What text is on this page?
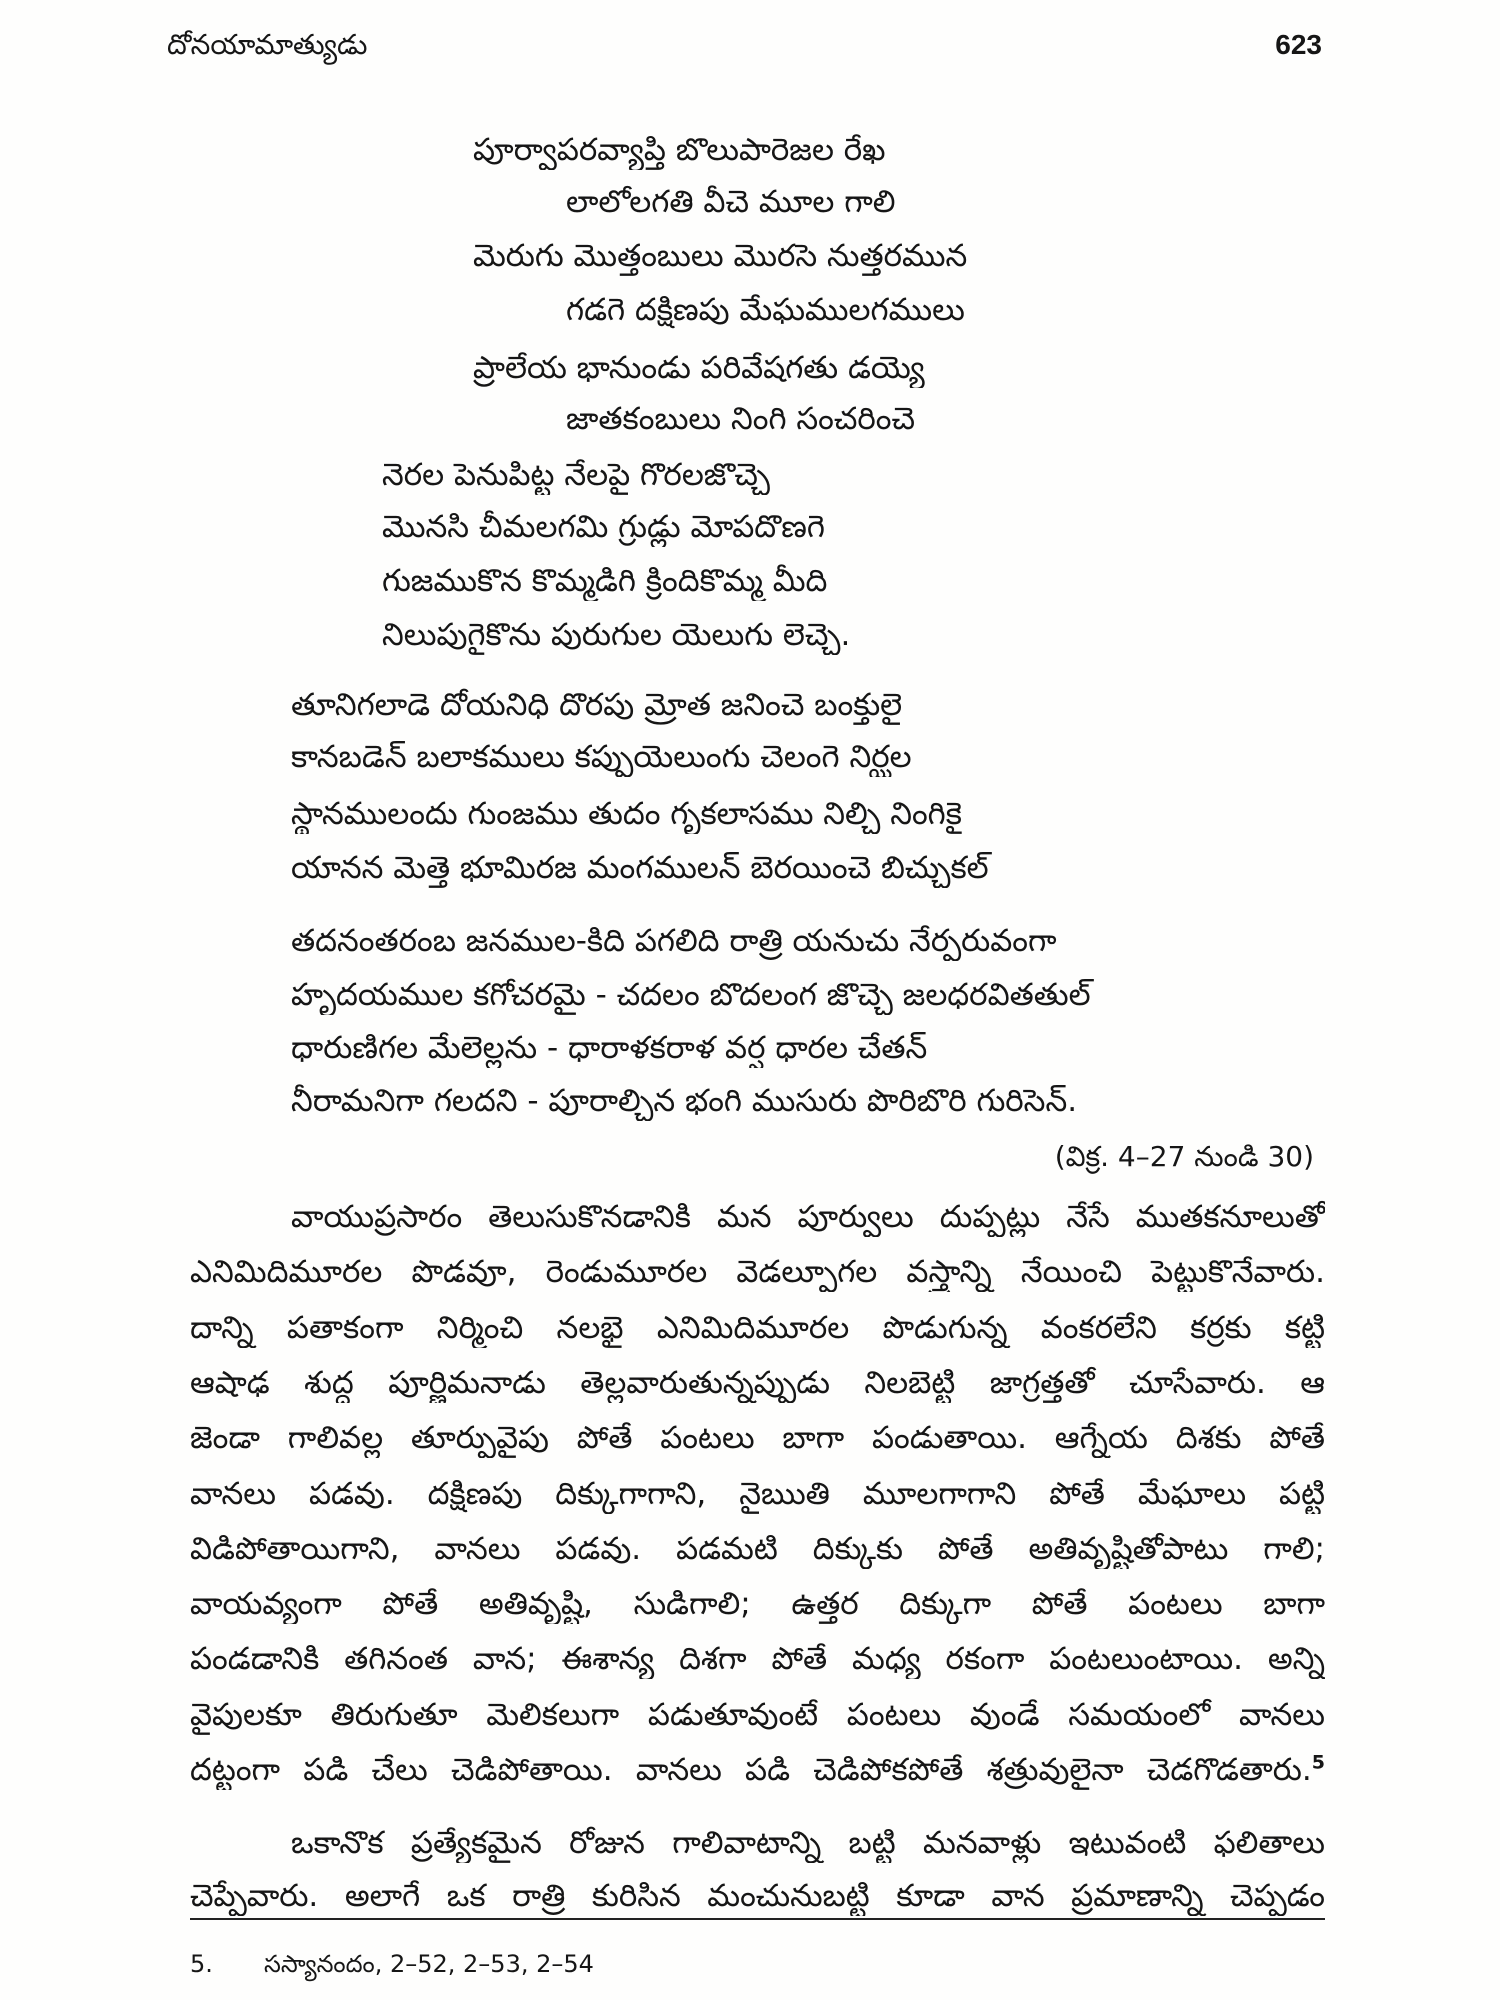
దోనయామాత్యుడు	623
పూర్వాపరవ్యాప్తి బొలుపారెజల రేఖ
లాలోలగతి వీచె మూల గాలి
మెరుగు మొత్తంబులు మొరసె నుత్తరమున
గడగె దక్షిణపు మేఘములగములు
ప్రాలేయ భానుండు పరివేషగతు డయ్యె
జాతకంబులు నింగి సంచరించె
నెరల పెనుపిట్ట నేలపై గొరలజొచ్చె
మొనసి చీమలగమి గ్రుడ్లు మోపదొణగె
గుజముకొన కొమ్మడిగి క్రిందికొమ్మ మీది
నిలుపుగైకొను పురుగుల యెలుగు లెచ్చె.
తూనిగలాడె దోయనిధి దొరపు మ్రోత జనించె బంక్తులై
కానబడెన్ బలాకములు కప్పుయెలుంగు చెలంగె నిర్ఝల
స్థానములందు గుంజము తుదం గృకలాసము నిల్చి నింగికై
యానన మెత్తె భూమిరజ మంగములన్ బెరయించె బిచ్చుకల్
తదనంతరంబ జనముల-కిది పగలిది రాత్రి యనుచు నేర్పరువంగా
హృదయముల కగోచరమై - చదలం బొదలంగ జొచ్చె జలధరవితతుల్
ధారుణిగల మేలెల్లను - ధారాళకరాళ వర్ష ధారల చేతన్
నీరామనిగా గలదని - పూరాల్చిన భంగి ముసురు పొరిబొరి గురిసెన్.
(విక్ర. 4–27 నుండి 30)
వాయుప్రసారం తెలుసుకొనడానికి మన పూర్వులు దుప్పట్లు నేసే ముతకనూలుతో
ఎనిమిదిమూరల పొడవూ, రెండుమూరల వెడల్పూగల వస్త్రాన్ని నేయించి పెట్టుకొనేవారు.
దాన్ని పతాకంగా నిర్మించి నలభై ఎనిమిదిమూరల పొడుగున్న వంకరలేని కర్రకు కట్టి
ఆషాఢ శుద్ధ పూర్ణిమనాడు తెల్లవారుతున్నప్పుడు నిలబెట్టి జాగ్రత్తతో చూసేవారు. ఆ
జెండా గాలివల్ల తూర్పువైపు పోతే పంటలు బాగా పండుతాయి. ఆగ్నేయ దిశకు పోతే
వానలు పడవు. దక్షిణపు దిక్కుగాగాని, నైఋతి మూలగాగాని పోతే మేఘాలు పట్టి
విడిపోతాయిగాని, వానలు పడవు. పడమటి దిక్కుకు పోతే అతివృష్టితోపాటు గాలి;
వాయవ్యంగా పోతే అతివృష్టి, సుడిగాలి; ఉత్తర దిక్కుగా పోతే పంటలు బాగా
పండడానికి తగినంత వాన; ఈశాన్య దిశగా పోతే మధ్య రకంగా పంటలుంటాయి. అన్ని
వైపులకూ తిరుగుతూ మెలికలుగా పడుతూవుంటే పంటలు వుండే సమయంలో వానలు
దట్టంగా పడి చేలు చెడిపోతాయి. వానలు పడి చెడిపోకపోతే శత్రువులైనా చెడగొడతారు.$^5$
ఒకానొక ప్రత్యేకమైన రోజున గాలివాటాన్ని బట్టి మనవాళ్లు ఇటువంటి ఫలితాలు
చెప్పేవారు. అలాగే ఒక రాత్రి కురిసిన మంచునుబట్టి కూడా వాన ప్రమాణాన్ని చెప్పడం
5.	సస్యానందం, 2–52, 2–53, 2–54
